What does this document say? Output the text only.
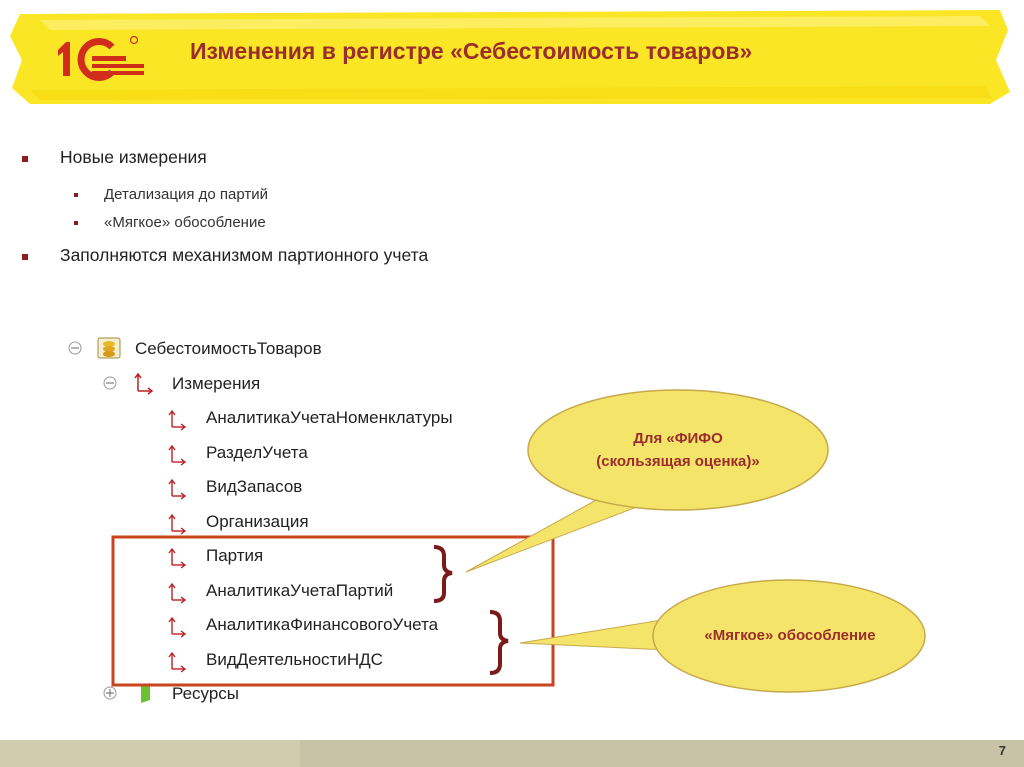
Изменения в регистре «Себестоимость товаров»
Новые измерения
Детализация до партий
«Мягкое» обособление
Заполняются механизмом партионного учета
СебестоимостьТоваров
Измерения
АналитикаУчетаНоменклатуры
РазделУчета
ВидЗапасов
Организация
Партия
АналитикаУчетаПартий
АналитикаФинансовогоУчета
ВидДеятельностиНДС
Ресурсы
Для «ФИФО
(скользящая оценка)»
«Мягкое» обособление
7
